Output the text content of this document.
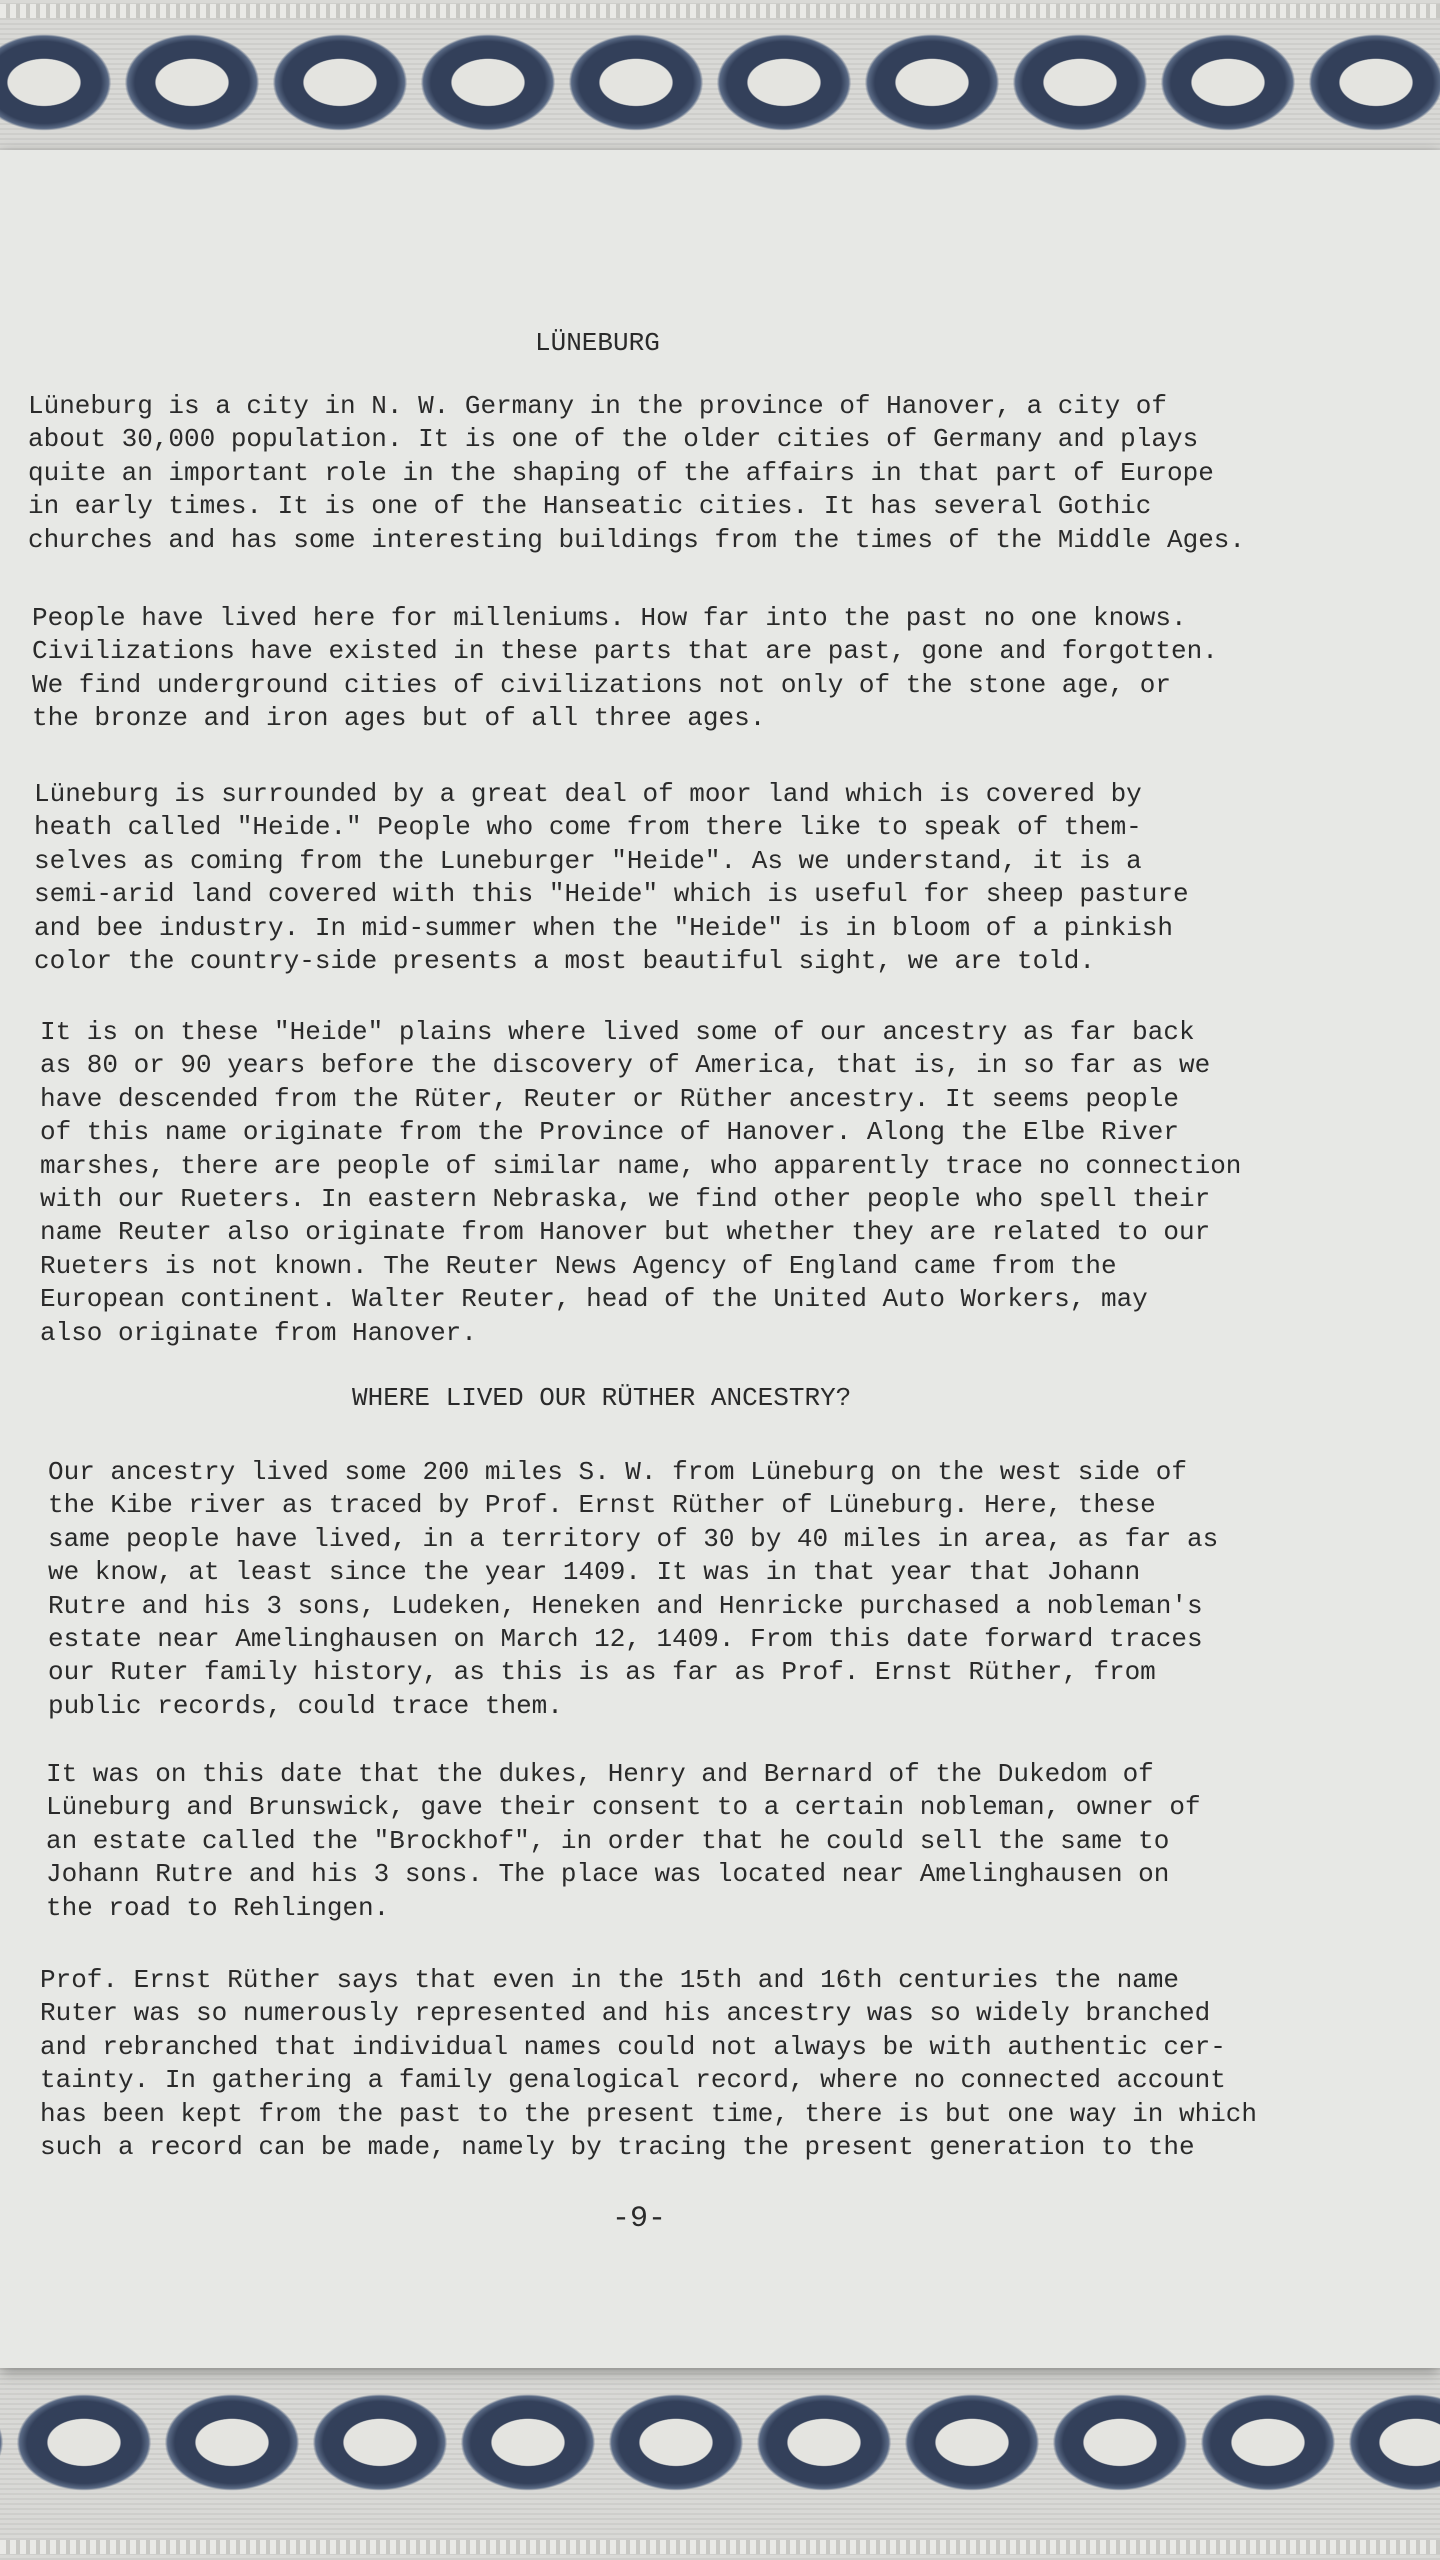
LÜNEBURG

Lüneburg is a city in N. W. Germany in the province of Hanover, a city of
about 30,000 population. It is one of the older cities of Germany and plays
quite an important role in the shaping of the affairs in that part of Europe
in early times. It is one of the Hanseatic cities. It has several Gothic
churches and has some interesting buildings from the times of the Middle Ages.

People have lived here for milleniums. How far into the past no one knows.
Civilizations have existed in these parts that are past, gone and forgotten.
We find underground cities of civilizations not only of the stone age, or
the bronze and iron ages but of all three ages.

Lüneburg is surrounded by a great deal of moor land which is covered by
heath called "Heide." People who come from there like to speak of them-
selves as coming from the Luneburger "Heide". As we understand, it is a
semi-arid land covered with this "Heide" which is useful for sheep pasture
and bee industry. In mid-summer when the "Heide" is in bloom of a pinkish
color the country-side presents a most beautiful sight, we are told.

It is on these "Heide" plains where lived some of our ancestry as far back
as 80 or 90 years before the discovery of America, that is, in so far as we
have descended from the Rüter, Reuter or Rüther ancestry. It seems people
of this name originate from the Province of Hanover. Along the Elbe River
marshes, there are people of similar name, who apparently trace no connection
with our Rueters. In eastern Nebraska, we find other people who spell their
name Reuter also originate from Hanover but whether they are related to our
Rueters is not known. The Reuter News Agency of England came from the
European continent. Walter Reuter, head of the United Auto Workers, may
also originate from Hanover.

WHERE LIVED OUR RÜTHER ANCESTRY?

Our ancestry lived some 200 miles S. W. from Lüneburg on the west side of
the Kibe river as traced by Prof. Ernst Rüther of Lüneburg. Here, these
same people have lived, in a territory of 30 by 40 miles in area, as far as
we know, at least since the year 1409. It was in that year that Johann
Rutre and his 3 sons, Ludeken, Heneken and Henricke purchased a nobleman's
estate near Amelinghausen on March 12, 1409. From this date forward traces
our Ruter family history, as this is as far as Prof. Ernst Rüther, from
public records, could trace them.

It was on this date that the dukes, Henry and Bernard of the Dukedom of
Lüneburg and Brunswick, gave their consent to a certain nobleman, owner of
an estate called the "Brockhof", in order that he could sell the same to
Johann Rutre and his 3 sons. The place was located near Amelinghausen on
the road to Rehlingen.

Prof. Ernst Rüther says that even in the 15th and 16th centuries the name
Ruter was so numerously represented and his ancestry was so widely branched
and rebranched that individual names could not always be with authentic cer-
tainty. In gathering a family genalogical record, where no connected account
has been kept from the past to the present time, there is but one way in which
such a record can be made, namely by tracing the present generation to the

-9-
